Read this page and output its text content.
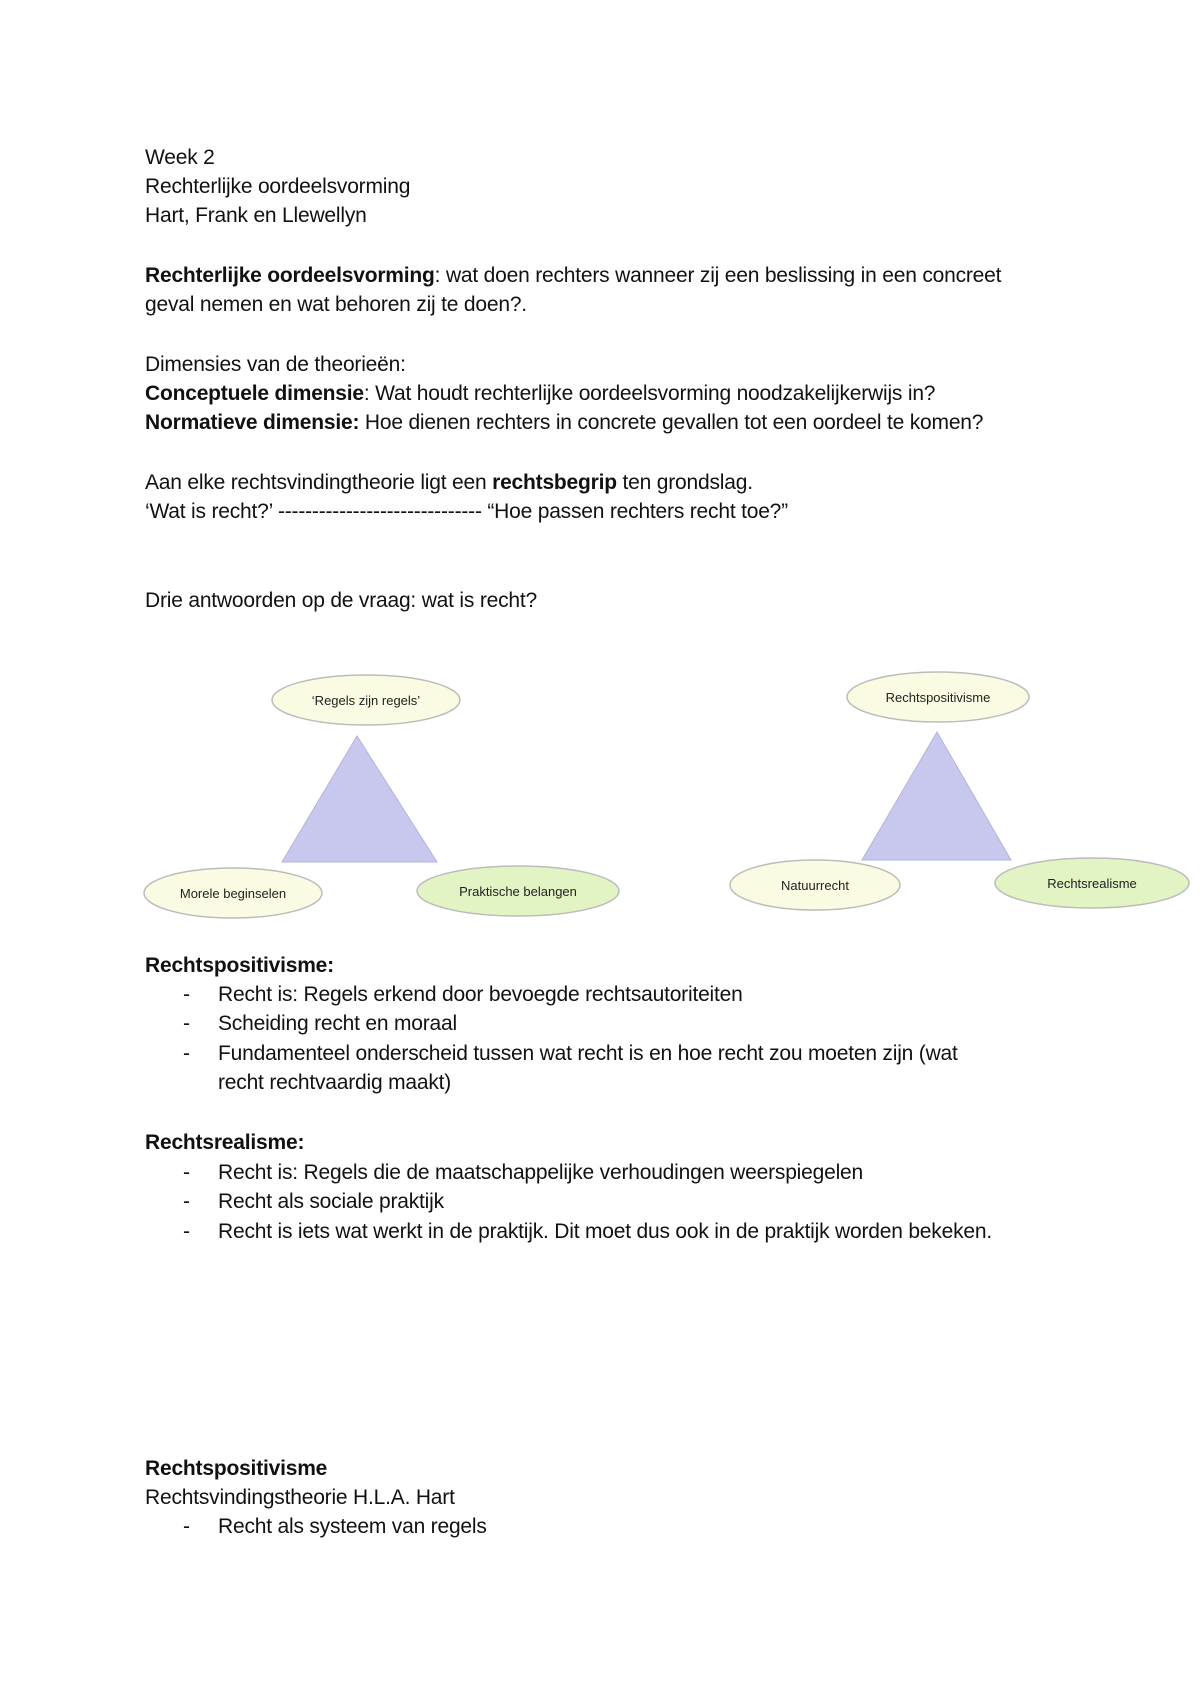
Week 2
Rechterlijke oordeelsvorming
Hart, Frank en Llewellyn
Rechterlijke oordeelsvorming: wat doen rechters wanneer zij een beslissing in een concreet
geval nemen en wat behoren zij te doen?.
Dimensies van de theorieën:
Conceptuele dimensie: Wat houdt rechterlijke oordeelsvorming noodzakelijkerwijs in?
Normatieve dimensie: Hoe dienen rechters in concrete gevallen tot een oordeel te komen?
Aan elke rechtsvindingtheorie ligt een rechtsbegrip ten grondslag.
‘Wat is recht?’ ------------------------------ “Hoe passen rechters recht toe?”
Drie antwoorden op de vraag: wat is recht?
‘Regels zijn regels’
Morele beginselen	Praktische belangen
Rechtspositivisme
Natuurrecht	Rechtsrealisme
Rechtspositivisme:
- Recht is: Regels erkend door bevoegde rechtsautoriteiten
- Scheiding recht en moraal
- Fundamenteel onderscheid tussen wat recht is en hoe recht zou moeten zijn (wat
recht rechtvaardig maakt)
Rechtsrealisme:
- Recht is: Regels die de maatschappelijke verhoudingen weerspiegelen
- Recht als sociale praktijk
- Recht is iets wat werkt in de praktijk. Dit moet dus ook in de praktijk worden bekeken.
Rechtspositivisme
Rechtsvindingstheorie H.L.A. Hart
- Recht als systeem van regels
